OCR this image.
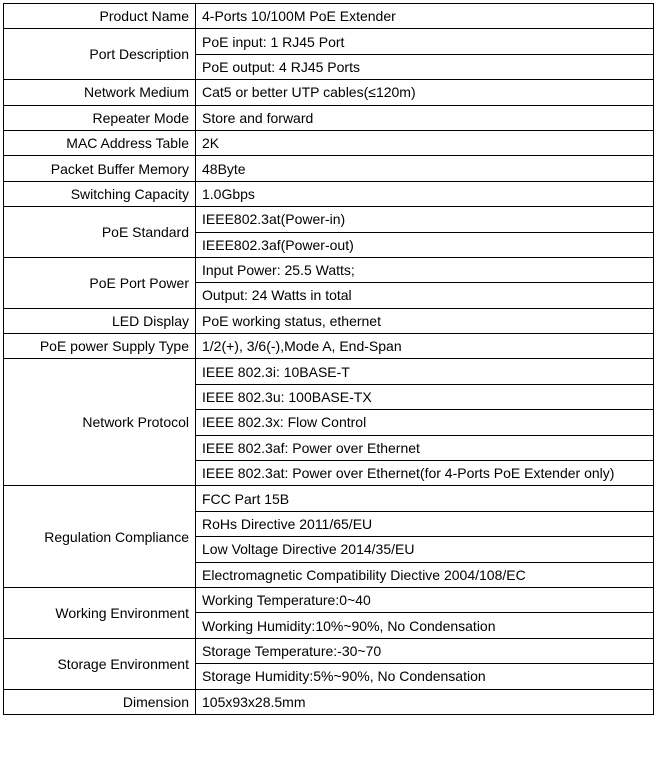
Product Name	4-Ports 10/100M PoE Extender
Port Description	PoE input: 1 RJ45 Port
	PoE output: 4 RJ45 Ports
Network Medium	Cat5 or better UTP cables(≤120m)
Repeater Mode	Store and forward
MAC Address Table	2K
Packet Buffer Memory	48Byte
Switching Capacity	1.0Gbps
PoE Standard	IEEE802.3at(Power-in)
	IEEE802.3af(Power-out)
PoE Port Power	Input Power: 25.5 Watts;
	Output: 24 Watts in total
LED Display	PoE working status, ethernet
PoE power Supply Type	1/2(+), 3/6(-),Mode A, End-Span
Network Protocol	IEEE 802.3i: 10BASE-T
	IEEE 802.3u: 100BASE-TX
	IEEE 802.3x: Flow Control
	IEEE 802.3af: Power over Ethernet
	IEEE 802.3at: Power over Ethernet(for 4-Ports PoE Extender only)
Regulation Compliance	FCC Part 15B
	RoHs Directive 2011/65/EU
	Low Voltage Directive 2014/35/EU
	Electromagnetic Compatibility Diective 2004/108/EC
Working Environment	Working Temperature:0~40
	Working Humidity:10%~90%, No Condensation
Storage Environment	Storage Temperature:-30~70
	Storage Humidity:5%~90%, No Condensation
Dimension	105x93x28.5mm
